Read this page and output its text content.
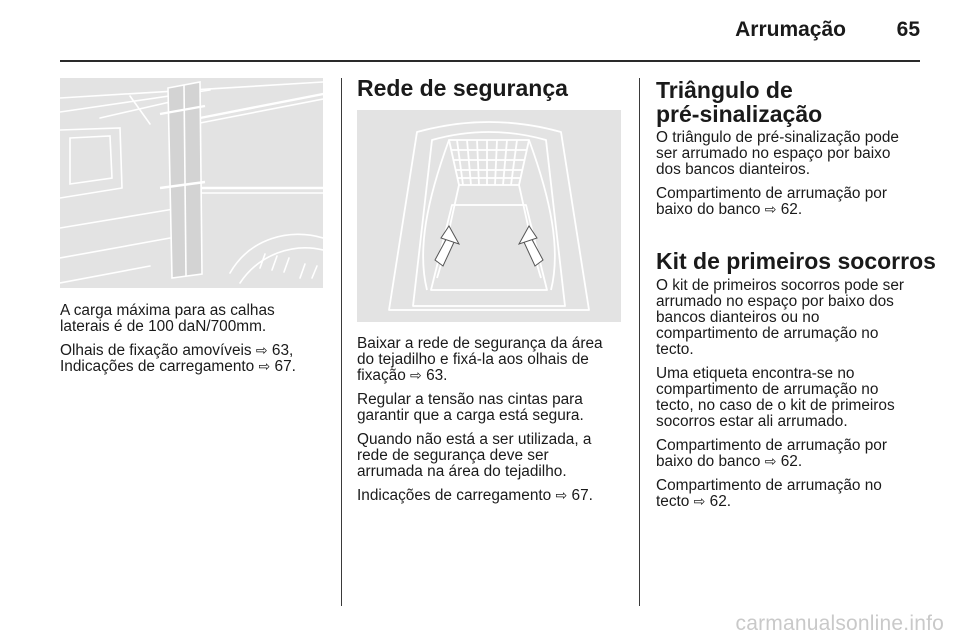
Arrumação 65

A carga máxima para as calhas
laterais é de 100 daN/700mm.

Olhais de fixação amovíveis ⇨ 63,
Indicações de carregamento ⇨ 67.

Rede de segurança

Baixar a rede de segurança da área
do tejadilho e fixá-la aos olhais de
fixação ⇨ 63.

Regular a tensão nas cintas para
garantir que a carga está segura.

Quando não está a ser utilizada, a
rede de segurança deve ser
arrumada na área do tejadilho.

Indicações de carregamento ⇨ 67.

Triângulo de
pré-sinalização

O triângulo de pré-sinalização pode
ser arrumado no espaço por baixo
dos bancos dianteiros.

Compartimento de arrumação por
baixo do banco ⇨ 62.

Kit de primeiros socorros

O kit de primeiros socorros pode ser
arrumado no espaço por baixo dos
bancos dianteiros ou no
compartimento de arrumação no
tecto.

Uma etiqueta encontra-se no
compartimento de arrumação no
tecto, no caso de o kit de primeiros
socorros estar ali arrumado.

Compartimento de arrumação por
baixo do banco ⇨ 62.

Compartimento de arrumação no
tecto ⇨ 62.

carmanualsonline.info
